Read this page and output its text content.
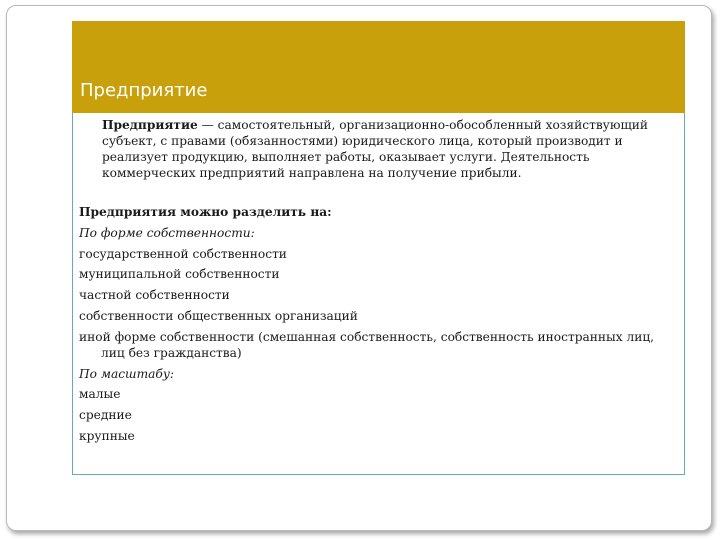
Предприятие

Предприятие — самостоятельный, организационно-обособленный хозяйствующий субъект, с правами (обязанностями) юридического лица, который производит и реализует продукцию, выполняет работы, оказывает услуги. Деятельность коммерческих предприятий направлена на получение прибыли.

Предприятия можно разделить на:
По форме собственности:
государственной собственности
муниципальной собственности
частной собственности
собственности общественных организаций
иной форме собственности (смешанная собственность, собственность иностранных лиц, лиц без гражданства)
По масштабу:
малые
средние
крупные
